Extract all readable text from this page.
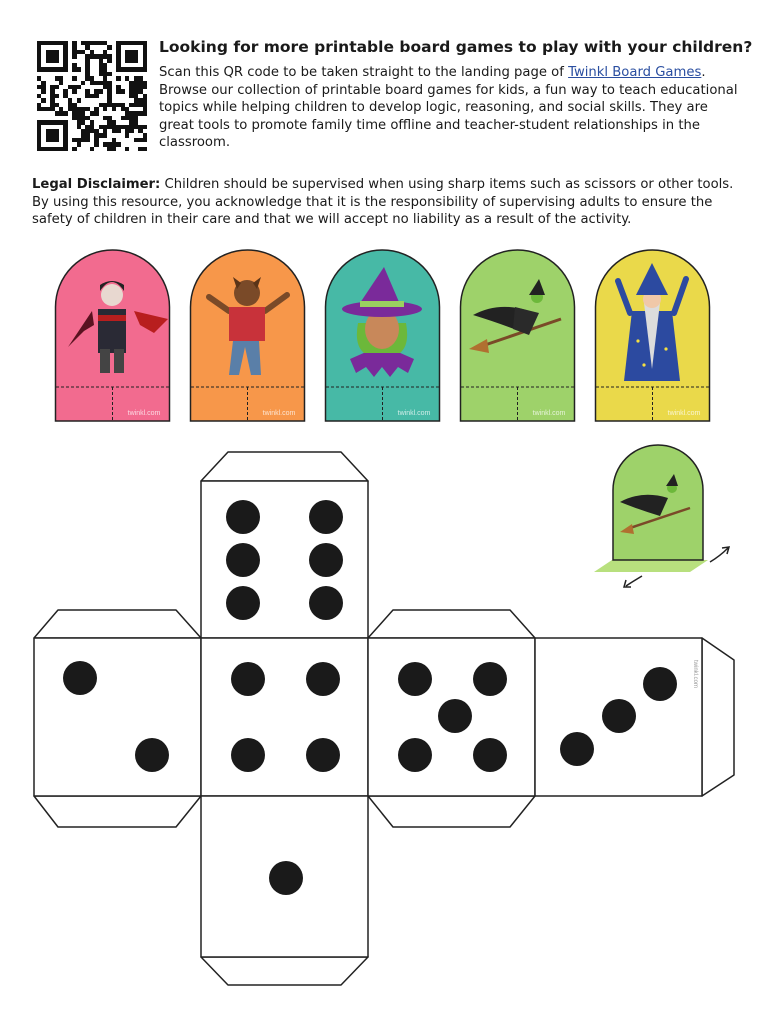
Looking for more printable board games to play with your children?

Scan this QR code to be taken straight to the landing page of Twinkl Board Games. Browse our collection of printable board games for kids, a fun way to teach educational topics while helping children to develop logic, reasoning, and social skills. They are great tools to promote family time offline and teacher-student relationships in the classroom.

Legal Disclaimer: Children should be supervised when using sharp items such as scissors or other tools. By using this resource, you acknowledge that it is the responsibility of supervising adults to ensure the safety of children in their care and that we will accept no liability as a result of the activity.

twinkl.com	twinkl.com	twinkl.com	twinkl.com	twinkl.com
twinkl.com
